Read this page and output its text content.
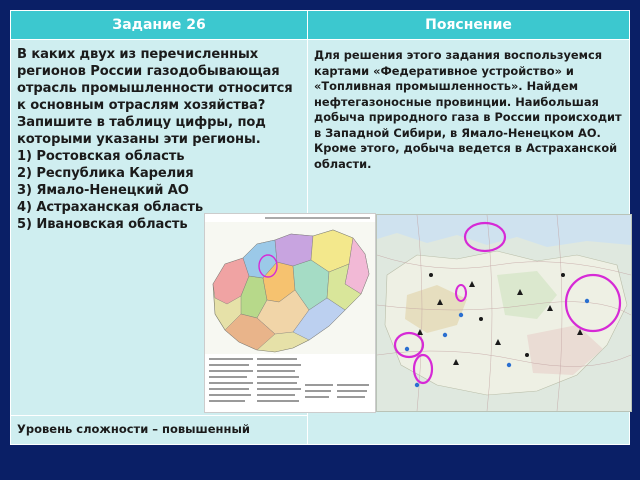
Задание 26	Пояснение

В каких двух из перечисленных регионов России газодобывающая отрасль промышленности относится к основным отраслям хозяйства? Запишите в таблицу цифры, под которыми указаны эти регионы.

1) Ростовская область

2) Республика Карелия

3) Ямало-Ненецкий АО

4) Астраханская область

5) Ивановская область

Для решения этого задания воспользуемся картами «Федеративное устройство» и «Топливная промышленность». Найдем нефтегазоносные провинции. Наибольшая добыча природного газа в России происходит в Западной Сибири, в Ямало-Ненецком АО. Кроме этого, добыча ведется в Астраханской области.
Уровень сложности – повышенный
